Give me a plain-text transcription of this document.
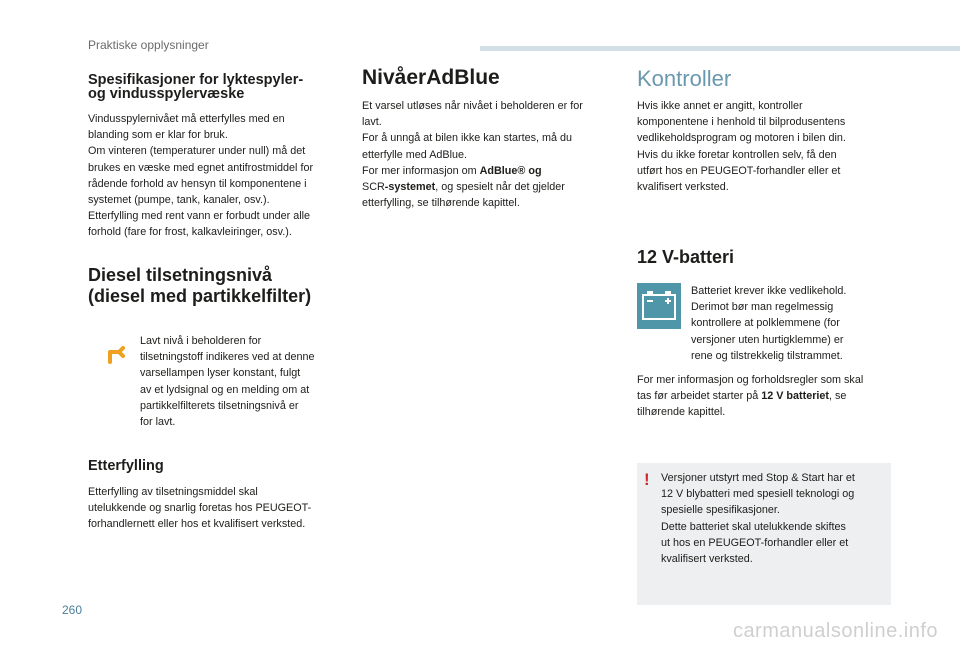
Praktiske opplysninger
Spesifikasjoner for lyktespyler-
og vindusspylervæske
Vindusspylernivået må etterfylles med en
blanding som er klar for bruk.
Om vinteren (temperaturer under null) må det
brukes en væske med egnet antifrostmiddel for
rådende forhold av hensyn til komponentene i
systemet (pumpe, tank, kanaler, osv.).
Etterfylling med rent vann er forbudt under alle
forhold (fare for frost, kalkavleiringer, osv.).
Diesel tilsetningsnivå
(diesel med partikkelfilter)
Lavt nivå i beholderen for
tilsetningstoff indikeres ved at denne
varsellampen lyser konstant, fulgt
av et lydsignal og en melding om at
partikkelfilterets tilsetningsnivå er
for lavt.
Etterfylling
Etterfylling av tilsetningsmiddel skal
utelukkende og snarlig foretas hos PEUGEOT-
forhandlernett eller hos et kvalifisert verksted.
NivåerAdBlue
Et varsel utløses når nivået i beholderen er for
lavt.
For å unngå at bilen ikke kan startes, må du
etterfylle med AdBlue.
For mer informasjon om AdBlue® og
SCR-systemet, og spesielt når det gjelder
etterfylling, se tilhørende kapittel.
Kontroller
Hvis ikke annet er angitt, kontroller
komponentene i henhold til bilprodusentens
vedlikeholdsprogram og motoren i bilen din.
Hvis du ikke foretar kontrollen selv, få den
utført hos en PEUGEOT-forhandler eller et
kvalifisert verksted.
12 V-batteri
Batteriet krever ikke vedlikehold.
Derimot bør man regelmessig
kontrollere at polklemmene (for
versjoner uten hurtigklemme) er
rene og tilstrekkelig tilstrammet.
For mer informasjon og forholdsregler som skal
tas før arbeidet starter på 12 V batteriet, se
tilhørende kapittel.
! Versjoner utstyrt med Stop & Start har et
12 V blybatteri med spesiell teknologi og
spesielle spesifikasjoner.
Dette batteriet skal utelukkende skiftes
ut hos en PEUGEOT-forhandler eller et
kvalifisert verksted.
260
carmanualsonline.info
